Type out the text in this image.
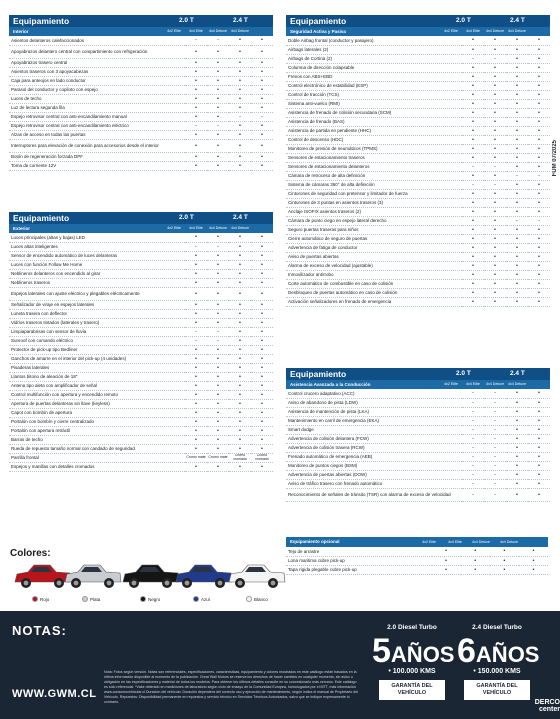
Equipamiento	2.0 T	2.4 T
Interior	4x2 Elite	4x4 Elite	4x4 Deluxe	4x4 Deluxe
Asientos delanteros calefaccionados	-	-	•	•
Apoyabrazos delantero central con compartimiento con refrigeración	•	•	•	•
Apoyabrazos trasero central	•	•	•	•
Asientos traseros con 3 apoyacabezas	•	•	•	•
Caja para anteojos en lado conductor	•	•	•	•
Parasol del conductor y copiloto con espejo	•	•	•	•
Luces de techo	•	•	•	•
Luz de lectura segunda fila	•	•	•	•
Espejo retrovisor central con anti-encandilamiento manual	•	•	-	-
Espejo retrovisor central con anti-encandilamiento eléctrico	-	-	•	•
Alzas de acceso en todas las puertas	•	•	•	•
Interruptores para elevación de conexión para accesorios desde el interior	•	•	•	•
Botón de regeneración forzada DPF	•	•	•	•
Toma de corriente 12V	•	•	•	•
Equipamiento	2.0 T	2.4 T
Exterior	4x2 Elite	4x4 Elite	4x4 Deluxe	4x4 Deluxe
Luces principales (altas y bajas) LED	•	•	•	•
Luces altas inteligentes	-	-	•	•
Sensor de encendido automático de luces delanteras	•	•	•	•
Luces con función Follow Me Home	•	•	•	•
Neblineros delanteros con encendido al girar	•	•	•	•
Neblineros traseros	•	•	•	•
Espejos laterales con ajuste eléctrico y plegables eléctricamente	•	•	•	•
Señalizador de viraje en espejos laterales	•	•	•	•
Luneta trasera con deflector	•	•	•	•
Vidrios traseros tintados (laterales y trasero)	•	•	•	•
Limpiaparabrisas con sensor de lluvia	-	-	•	•
Sunroof con comando eléctrico	-	-	•	•
Protector de pick-up tipo Bedliner	•	•	•	•
Ganchos de amarre en el interior del pick-up (4 unidades)	•	•	•	•
Pisaderas laterales	•	•	•	•
Llantos bitono de aleación de 18"	•	•	•	•
Antena tipo aleta con amplificador de señal	•	•	•	•
Control multifunción con apertura y encendido remoto	•	•	•	•
Apertura de puertas delanteras sin llave (keyless)	•	•	•	•
Capot con bombín de apertura	•	•	•	•
Portalón con bombín y cierre centralizado	•	•	•	•
Portalón con apertura retráctil	•	•	•	•
Barras de techo	•	•	•	•
Rueda de repuesto tamaño normal con candado de seguridad	•	•	•	•
Parrilla frontal	Cromo mate	Cromo mate	Cromo cromado	Cromo cromado
Espejos y manillas con detalles cromados	•	•	•	•
Equipamiento	2.0 T	2.4 T
Seguridad Activa y Pasiva	4x2 Elite	4x4 Elite	4x4 Deluxe	4x4 Deluxe
Doble Airbag frontal (conductor y pasajero)	•	•	•	•
Airbags laterales (2)	•	•	•	•
Airbags de Cortina (2)	-	-	•	•
Columna de dirección colapsable	•	•	•	•
Frenos con ABS+EBD	•	•	•	•
Control electrónico de estabilidad (ESP)	•	•	•	•
Control de tracción (TCS)	•	•	•	•
Sistema anti-vuelco (RMI)	•	•	•	•
Asistencia de frenado de colisión secundaria (SCM)	•	•	•	•
Asistencia de frenado (BAS)	•	•	•	•
Asistencia de partida en pendiente (HHC)	•	•	•	•
Control de descenso (HDC)	•	•	•	•
Monitoreo de presión de neumáticos (TPMS)	•	•	•	•
Sensores de estacionamiento traseros	•	•	•	•
Sensores de estacionamiento delanteros	-	-	•	•
Cámara de retroceso de alta definición	•	•	-	-
Sistema de cámaras 360° de alta definición	-	-	•	•
Cinturones de seguridad con pretensor y limitador de fuerza	•	•	•	•
Cinturones de 3 puntas en asientos traseros (3)	•	•	•	•
Anclaje ISOFIX asientos traseros (2)	•	•	•	•
Cámara de punto ciego en espejo lateral derecho	•	•	-	-
Seguro puertas traseras para niños	•	•	•	•
Cierre automático de seguro de puertas	•	•	•	•
Advertencia de fatiga de conductor	•	•	•	•
Aviso de puertas abiertas	•	•	•	•
Alarma de exceso de velocidad (ajustable)	•	•	•	•
Inmovilizador antirrobo	•	•	•	•
Corte automático de combustible en caso de colisión	•	•	•	•
Desbloqueo de puertas automático en caso de colisión	•	•	•	•
Activación señalizadores en frenado de emergencia	•	•	•	•
Equipamiento	2.0 T	2.4 T
Asistencia Avanzada a la Conducción	4x2 Elite	4x4 Elite	4x4 Deluxe	4x4 Deluxe
Control crucero adaptativo (ACC)	-	-	•	•
Aviso de abandono de pista (LDW)	-	-	•	•
Asistencia de mantención de pista (LKA)	-	-	•	•
Mantenimiento en carril de emergencia (EKA)	-	-	•	•
Smart dodge	-	-	•	•
Advertencia de colisión delantera (FCW)	-	-	•	•
Advertencia de colisión trasera (RCW)	-	-	•	•
Frenado automático de emergencia (AEB)	-	-	•	•
Monitoreo de puntos ciegos (BSM)	-	-	•	•
Advertencia de puertas abiertas (DOW)	-	-	•	•
Aviso de tráfico trasero con frenado automático	-	-	•	•
Reconocimiento de señales de tránsito (TSR) con alarma de exceso de velocidad	-	-	•	•
Equipamiento opcional	4x2 Elite	4x4 Elite	4x4 Deluxe	4x4 Deluxe
Tejo de arrastre	•	•	•	•
Lona maritima cubre pick-up	•	•	•	•
Tapa rígida plegable cubre pick-up	•	•	•	•
FUM 07/2025
Colores:
Rojo	Plata	Negro	Azul	Blanco
NOTAS:
Nota: Fotos según versión. Notas son referenciales, especificaciones, características, equipamiento y colores mostrados en este catálogo están basados en la última información disponible al momento de la publicación. Great Wall Motors se reserva los derechos de hacer cambios en cualquier momento, sin aviso u obligación en las especificaciones y material de todos los modelos. Para obtener los últimos detalles consulte en su concesionario más cercano. Este catálogo es sólo referencial. *Valor obtenido en mediciones de laboratorio según ciclo de ensayo de la Comunidad Europea, homologados por el MTT, más información www.consumovehicular.cl Duración del vehículo: Duración dependerá del correcto uso y ejecución de mantenimiento, según indica el manual de Propietario del Vehículo. Repuestos: Disponibilidad permanente en repuestos y servicio técnico en Servicios Técnicos Autorizados, salvo que se indique expresamente lo contrario.
WWW.GWM.CL
2.0 Diesel Turbo
5AÑOS
• 100.000 KMS
GARANTÍA DEL VEHÍCULO
2.4 Diesel Turbo
6AÑOS
• 150.000 KMS
GARANTÍA DEL VEHÍCULO
DERCO center
